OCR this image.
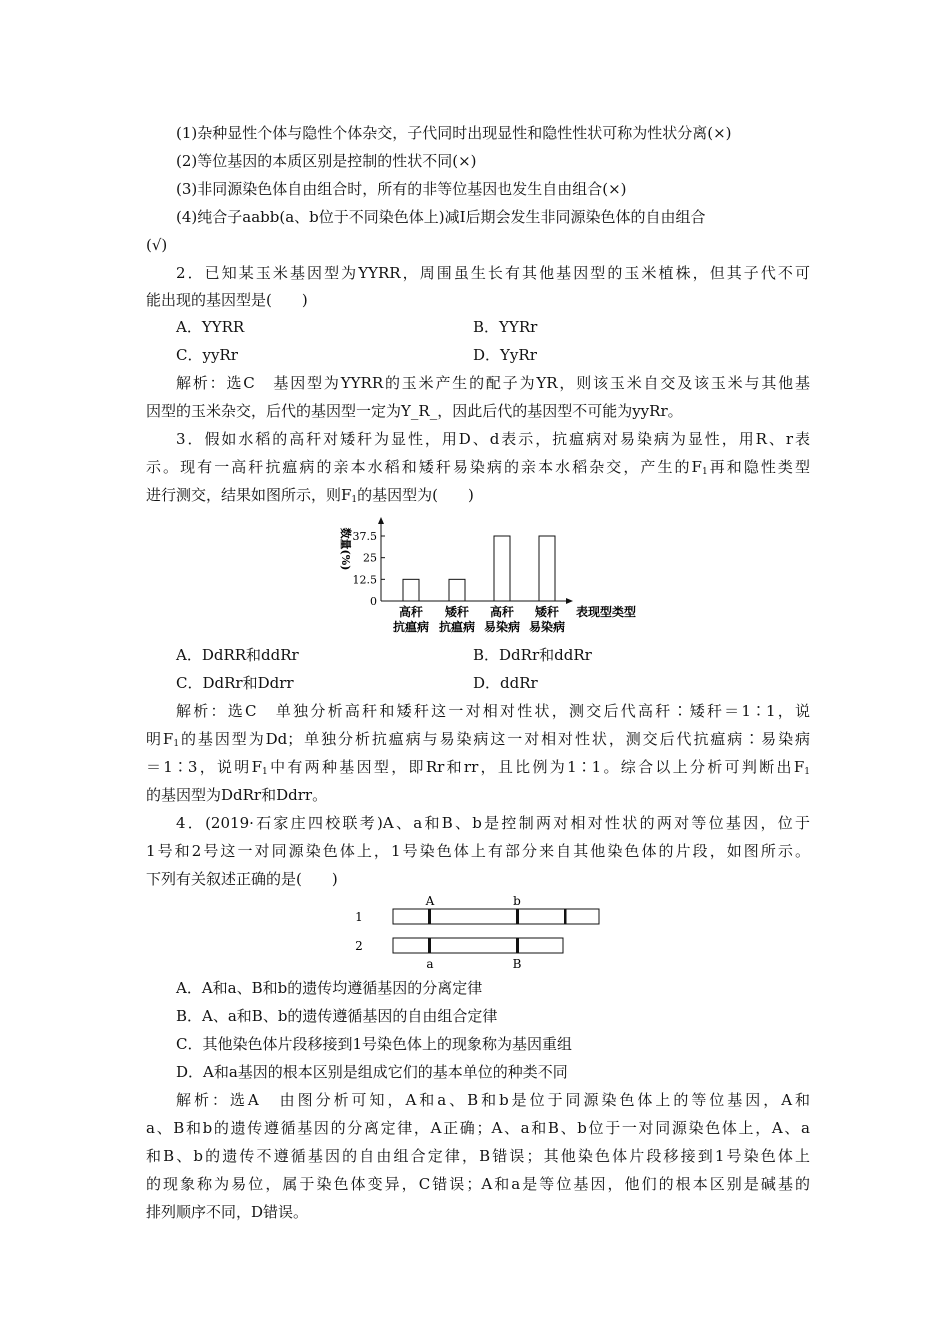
(1)杂种显性个体与隐性个体杂交，子代同时出现显性和隐性性状可称为性状分离(×)
(2)等位基因的本质区别是控制的性状不同(×)
(3)非同源染色体自由组合时，所有的非等位基因也发生自由组合(×)
(4)纯合子aabb(a、b位于不同染色体上)减Ⅰ后期会发生非同源染色体的自由组合
(√)
2．已知某玉米基因型为YYRR，周围虽生长有其他基因型的玉米植株，但其子代不可
能出现的基因型是(　　)
A．YYRR	B．YYRr
C．yyRr	D．YyRr
解析：选C　基因型为YYRR的玉米产生的配子为YR，则该玉米自交及该玉米与其他基
因型的玉米杂交，后代的基因型一定为Y_R_，因此后代的基因型不可能为yyRr。
3．假如水稻的高秆对矮秆为显性，用D、d表示，抗瘟病对易染病为显性，用R、r表
示。现有一高秆抗瘟病的亲本水稻和矮秆易染病的亲本水稻杂交，产生的$F_1$再和隐性类型
进行测交，结果如图所示，则$F_1$的基因型为(　　)
数量(%) 37.5
25
12.5
0
高秆
抗瘟病
矮秆
抗瘟病
高秆
易染病
矮秆
易染病
表现型类型
A．DdRR和ddRr	B．DdRr和ddRr
C．DdRr和Ddrr	D．ddRr
解析：选C　单独分析高秆和矮秆这一对相对性状，测交后代高秆∶矮秆＝1∶1，说
明$F_1$的基因型为Dd；单独分析抗瘟病与易染病这一对相对性状，测交后代抗瘟病∶易染病
＝1∶3，说明$F_1$中有两种基因型，即Rr和rr，且比例为1∶1。综合以上分析可判断出$F_1$
的基因型为DdRr和Ddrr。
4．(2019·石家庄四校联考)A、a和B、b是控制两对相对性状的两对等位基因，位于
1号和2号这一对同源染色体上，1号染色体上有部分来自其他染色体的片段，如图所示。
下列有关叙述正确的是(　　)
A	b
1
2
a	B
A．A和a、B和b的遗传均遵循基因的分离定律
B．A、a和B、b的遗传遵循基因的自由组合定律
C．其他染色体片段移接到1号染色体上的现象称为基因重组
D．A和a基因的根本区别是组成它们的基本单位的种类不同
解析：选A　由图分析可知，A和a、B和b是位于同源染色体上的等位基因，A和
a、B和b的遗传遵循基因的分离定律，A正确；A、a和B、b位于一对同源染色体上，A、a
和B、b的遗传不遵循基因的自由组合定律，B错误；其他染色体片段移接到1号染色体上
的现象称为易位，属于染色体变异，C错误；A和a是等位基因，他们的根本区别是碱基的
排列顺序不同，D错误。
